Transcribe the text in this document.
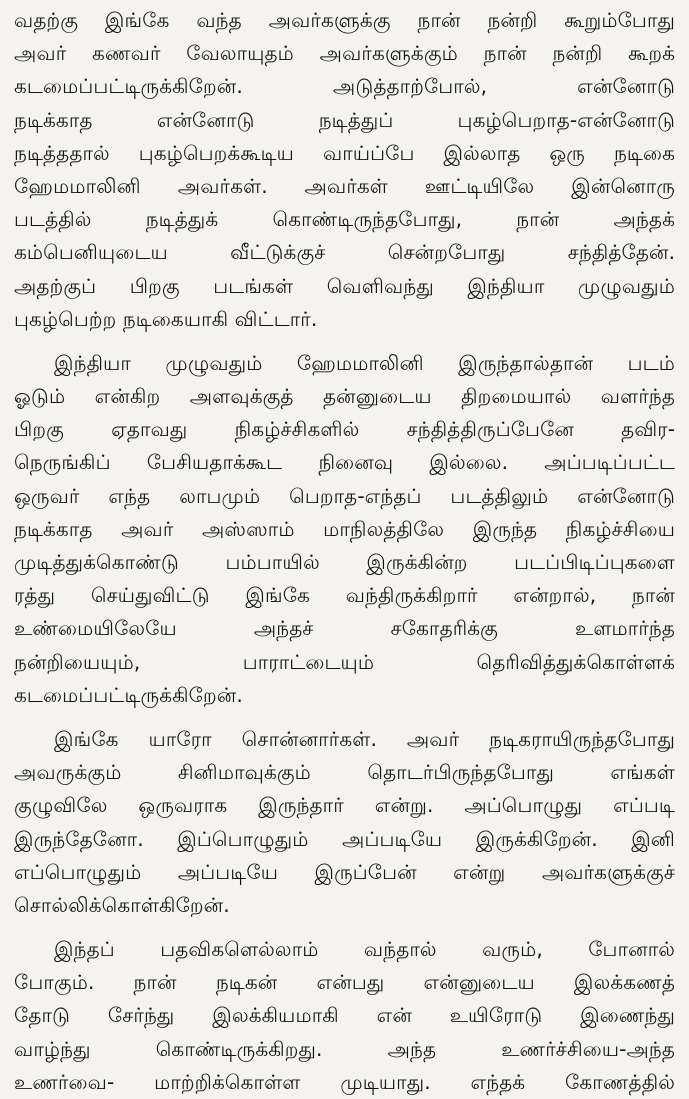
வதற்கு இங்கே வந்த அவர்களுக்கு நான் நன்றி கூறும்போது
அவர் கணவர் வேலாயுதம் அவர்களுக்கும் நான் நன்றி கூறக்
கடமைப்பட்டிருக்கிறேன். அடுத்தாற்போல், என்னோடு
நடிக்காத என்னோடு நடித்துப் புகழ்பெறாத-என்னோடு
நடித்ததால் புகழ்பெறக்கூடிய வாய்ப்பே இல்லாத ஒரு நடிகை
ஹேமமாலினி அவர்கள். அவர்கள் ஊட்டியிலே இன்னொரு
படத்தில் நடித்துக் கொண்டிருந்தபோது, நான் அந்தக்
கம்பெனியுடைய வீட்டுக்குச் சென்றபோது சந்தித்தேன்.
அதற்குப் பிறகு படங்கள் வெளிவந்து இந்தியா முழுவதும்
புகழ்பெற்ற நடிகையாகி விட்டார்.
இந்தியா முழுவதும் ஹேமமாலினி இருந்தால்தான் படம்
ஓடும் என்கிற அளவுக்குத் தன்னுடைய திறமையால் வளர்ந்த
பிறகு ஏதாவது நிகழ்ச்சிகளில் சந்தித்திருப்பேனே தவிர-
நெருங்கிப் பேசியதாக்கூட நினைவு இல்லை. அப்படிப்பட்ட
ஒருவர் எந்த லாபமும் பெறாத-எந்தப் படத்திலும் என்னோடு
நடிக்காத அவர் அஸ்ஸாம் மாநிலத்திலே இருந்த நிகழ்ச்சியை
முடித்துக்கொண்டு பம்பாயில் இருக்கின்ற படப்பிடிப்புகளை
ரத்து செய்துவிட்டு இங்கே வந்திருக்கிறார் என்றால், நான்
உண்மையிலேயே அந்தச் சகோதரிக்கு உளமார்ந்த
நன்றியையும், பாராட்டையும் தெரிவித்துக்கொள்ளக்
கடமைப்பட்டிருக்கிறேன்.
இங்கே யாரோ சொன்னார்கள். அவர் நடிகராயிருந்தபோது
அவருக்கும் சினிமாவுக்கும் தொடர்பிருந்தபோது எங்கள்
குழுவிலே ஒருவராக இருந்தார் என்று. அப்பொழுது எப்படி
இருந்தேனோ. இப்பொழுதும் அப்படியே இருக்கிறேன். இனி
எப்பொழுதும் அப்படியே இருப்பேன் என்று அவர்களுக்குச்
சொல்லிக்கொள்கிறேன்.
இந்தப் பதவிகளெல்லாம் வந்தால் வரும், போனால்
போகும். நான் நடிகன் என்பது என்னுடைய இலக்கணத்
தோடு சேர்ந்து இலக்கியமாகி என் உயிரோடு இணைந்து
வாழ்ந்து கொண்டிருக்கிறது. அந்த உணர்ச்சியை-அந்த
உணர்வை- மாற்றிக்கொள்ள முடியாது. எந்தக் கோணத்தில்
